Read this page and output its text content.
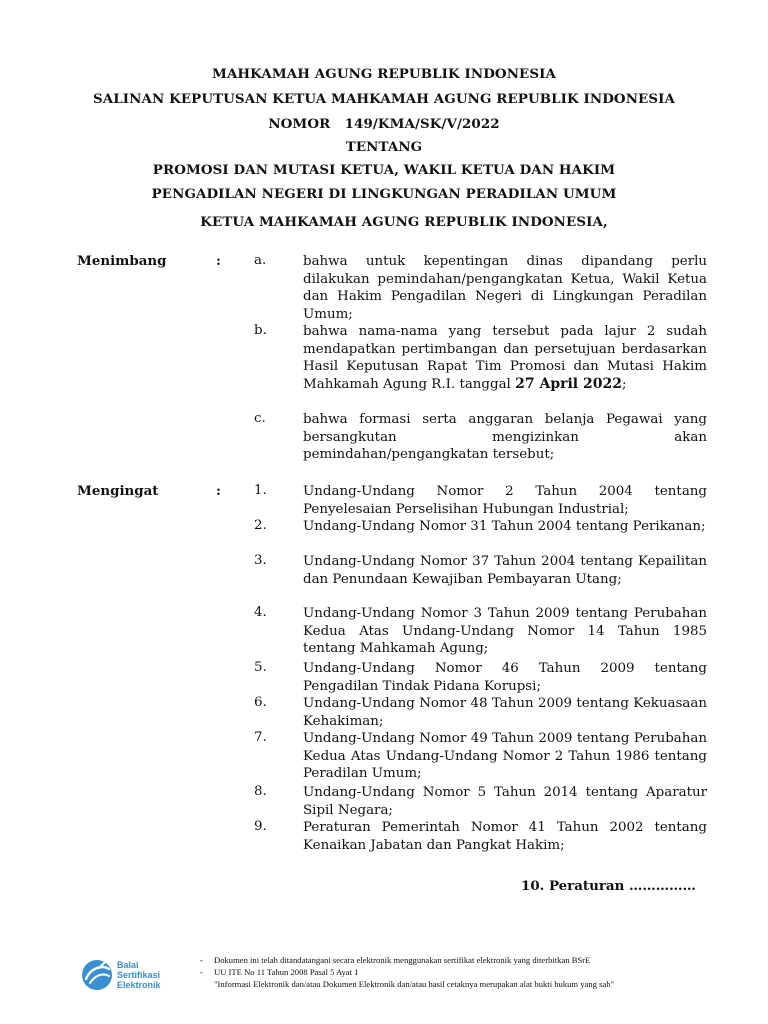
MAHKAMAH AGUNG REPUBLIK INDONESIA
SALINAN KEPUTUSAN KETUA MAHKAMAH AGUNG REPUBLIK INDONESIA
NOMOR   149/KMA/SK/V/2022
TENTANG
PROMOSI DAN MUTASI KETUA, WAKIL KETUA DAN HAKIM
PENGADILAN NEGERI DI LINGKUNGAN PERADILAN UMUM
KETUA MAHKAMAH AGUNG REPUBLIK INDONESIA,
Menimbang	: a.	bahwa untuk kepentingan dinas dipandang perlu dilakukan pemindahan/pengangkatan Ketua, Wakil Ketua dan Hakim Pengadilan Negeri di Lingkungan Peradilan Umum;
b.	bahwa nama-nama yang tersebut pada lajur 2 sudah mendapatkan pertimbangan dan persetujuan berdasarkan Hasil Keputusan Rapat Tim Promosi dan Mutasi Hakim Mahkamah Agung R.I. tanggal 27 April 2022;
c.	bahwa formasi serta anggaran belanja Pegawai yang bersangkutan mengizinkan akan pemindahan/pengangkatan tersebut;
Mengingat	: 1.	Undang-Undang Nomor 2 Tahun 2004 tentang Penyelesaian Perselisihan Hubungan Industrial;
2.	Undang-Undang Nomor 31 Tahun 2004 tentang Perikanan;
3.	Undang-Undang Nomor 37 Tahun 2004 tentang Kepailitan dan Penundaan Kewajiban Pembayaran Utang;
4.	Undang-Undang Nomor 3 Tahun 2009 tentang Perubahan Kedua Atas Undang-Undang Nomor 14 Tahun 1985 tentang Mahkamah Agung;
5.	Undang-Undang Nomor 46 Tahun 2009 tentang Pengadilan Tindak Pidana Korupsi;
6.	Undang-Undang Nomor 48 Tahun 2009 tentang Kekuasaan Kehakiman;
7.	Undang-Undang Nomor 49 Tahun 2009 tentang Perubahan Kedua Atas Undang-Undang Nomor 2 Tahun 1986 tentang Peradilan Umum;
8.	Undang-Undang Nomor 5 Tahun 2014 tentang Aparatur Sipil Negara;
9.	Peraturan Pemerintah Nomor 41 Tahun 2002 tentang Kenaikan Jabatan dan Pangkat Hakim;
10. Peraturan ……………
Balai
Sertifikasi
Elektronik
- Dokumen ini telah ditandatangani secara elektronik menggunakan sertifikat elektronik yang diterbitkan BSrE
- UU ITE No 11 Tahun 2008 Pasal 5 Ayat 1
"Informasi Elektronik dan/atau Dokumen Elektronik dan/atau hasil cetaknya merupakan alat bukti hukum yang sah"
